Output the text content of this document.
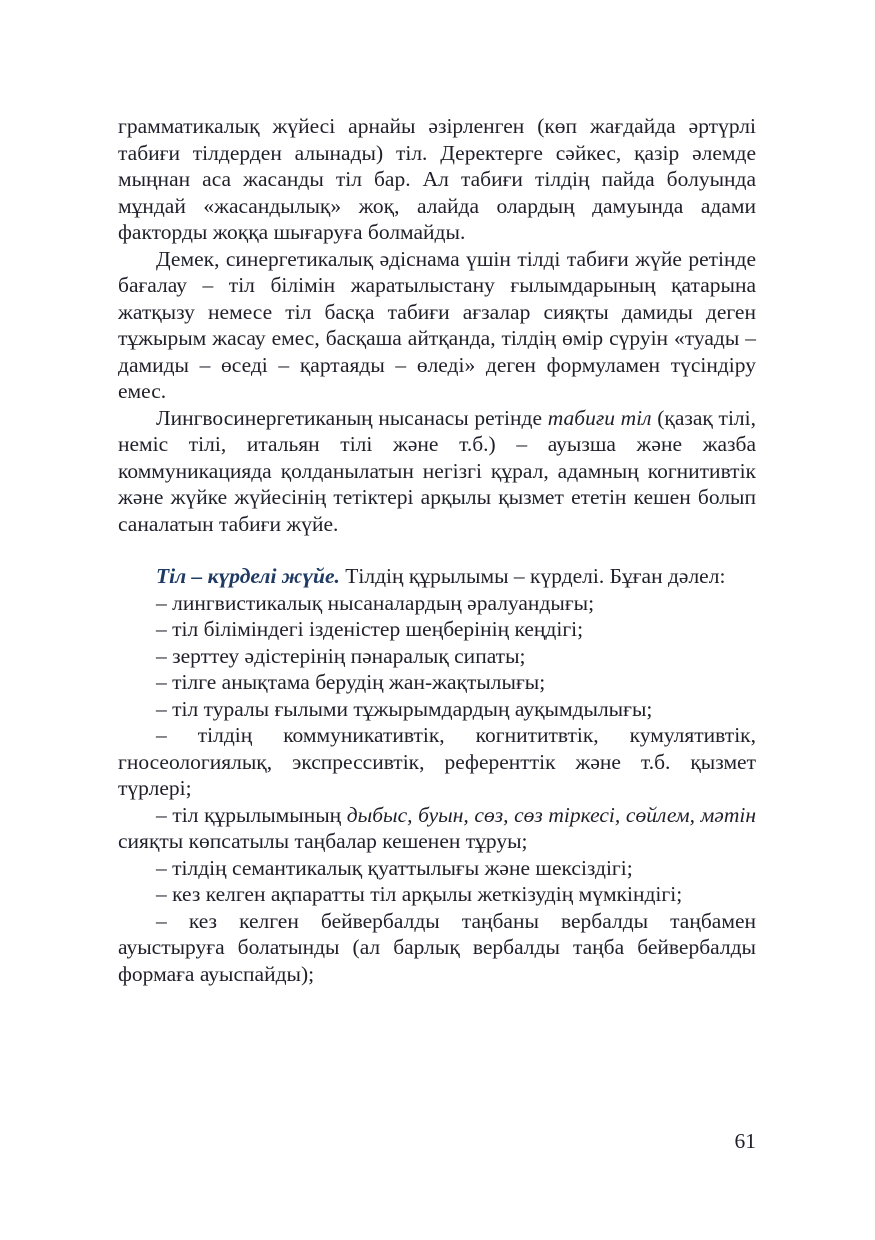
грамматикалық жүйесі арнайы әзірленген (көп жағдайда әртүрлі табиғи тілдерден алынады) тіл. Деректерге сәйкес, қазір әлемде мыңнан аса жасанды тіл бар. Ал табиғи тілдің пайда болуында мұндай «жасандылық» жоқ, алайда олардың дамуында адами факторды жоққа шығаруға болмайды.

Демек, синергетикалық әдіснама үшін тілді табиғи жүйе ретінде бағалау – тіл білімін жаратылыстану ғылымдарының қатарына жатқызу немесе тіл басқа табиғи ағзалар сияқты дамиды деген тұжырым жасау емес, басқаша айтқанда, тілдің өмір сүруін «туады – дамиды – өседі – қартаяды – өледі» деген формуламен түсіндіру емес.

Лингвосинергетиканың нысанасы ретінде табиғи тіл (қазақ тілі, неміс тілі, итальян тілі және т.б.) – ауызша және жазба коммуникацияда қолданылатын негізгі құрал, адамның когнитивтік және жүйке жүйесінің тетіктері арқылы қызмет ететін кешен болып саналатын табиғи жүйе.

Тіл – күрделі жүйе. Тілдің құрылымы – күрделі. Бұған дәлел:

– лингвистикалық нысаналардың әралуандығы;

– тіл біліміндегі ізденістер шеңберінің кеңдігі;

– зерттеу әдістерінің пәнаралық сипаты;

– тілге анықтама берудің жан-жақтылығы;

– тіл туралы ғылыми тұжырымдардың ауқымдылығы;

– тілдің коммуникативтік, когнититвтік, кумулятивтік, гносеологиялық, экспрессивтік, референттік және т.б. қызмет түрлері;

– тіл құрылымының дыбыс, буын, сөз, сөз тіркесі, сөйлем, мәтін сияқты көпсатылы таңбалар кешенен тұруы;

– тілдің семантикалық қуаттылығы және шексіздігі;

– кез келген ақпаратты тіл арқылы жеткізудің мүмкіндігі;

– кез келген бейвербалды таңбаны вербалды таңбамен ауыстыруға болатынды (ал барлық вербалды таңба бейвербалды формаға ауыспайды);

61
